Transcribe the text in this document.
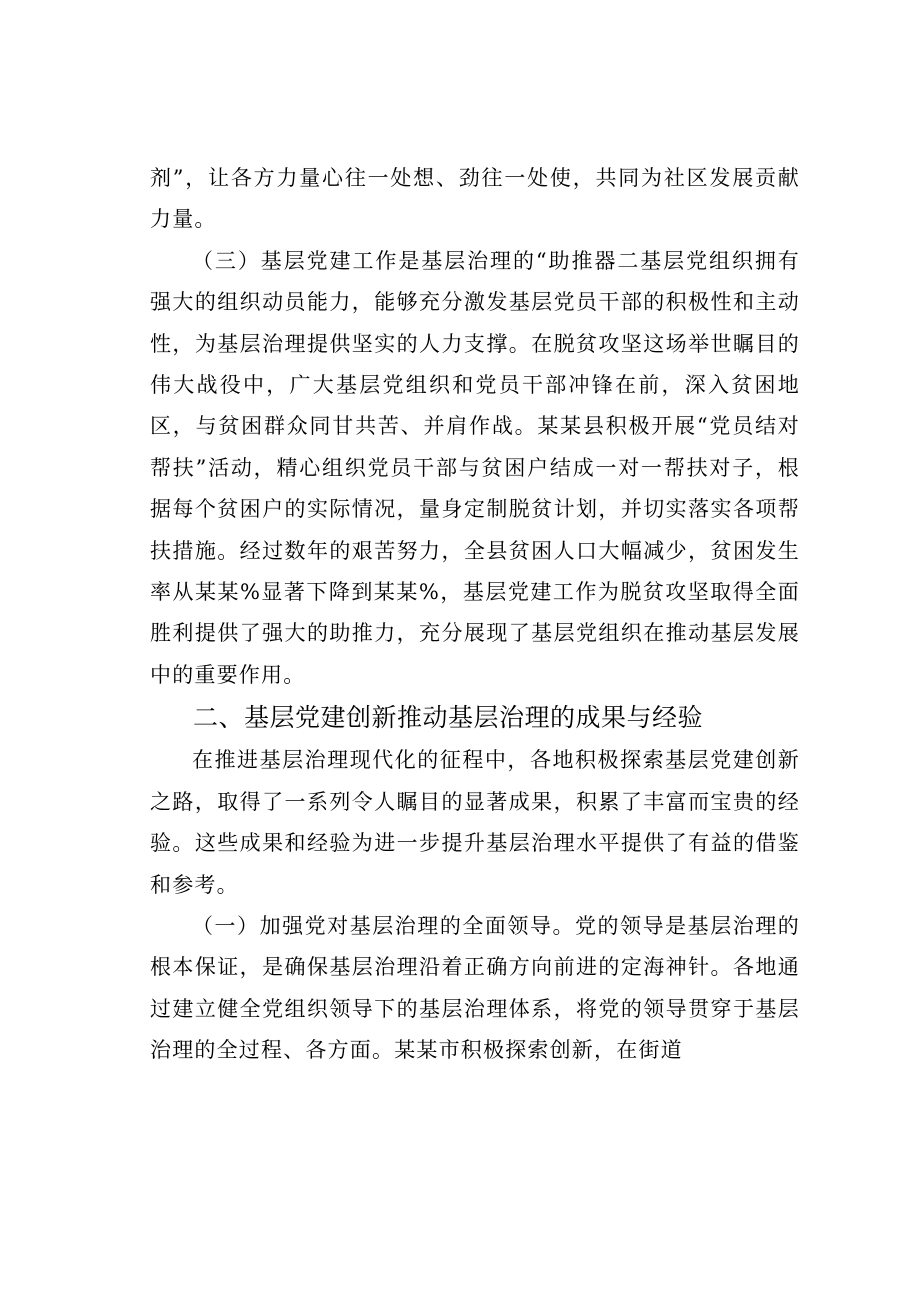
剂”，让各方力量心往一处想、劲往一处使，共同为社区发展贡献力量。

（三）基层党建工作是基层治理的“助推器二基层党组织拥有强大的组织动员能力，能够充分激发基层党员干部的积极性和主动性，为基层治理提供坚实的人力支撑。在脱贫攻坚这场举世瞩目的伟大战役中，广大基层党组织和党员干部冲锋在前，深入贫困地区，与贫困群众同甘共苦、并肩作战。某某县积极开展“党员结对帮扶”活动，精心组织党员干部与贫困户结成一对一帮扶对子，根据每个贫困户的实际情况，量身定制脱贫计划，并切实落实各项帮扶措施。经过数年的艰苦努力，全县贫困人口大幅减少，贫困发生率从某某%显著下降到某某%，基层党建工作为脱贫攻坚取得全面胜利提供了强大的助推力，充分展现了基层党组织在推动基层发展中的重要作用。

二、基层党建创新推动基层治理的成果与经验

在推进基层治理现代化的征程中，各地积极探索基层党建创新之路，取得了一系列令人瞩目的显著成果，积累了丰富而宝贵的经验。这些成果和经验为进一步提升基层治理水平提供了有益的借鉴和参考。

（一）加强党对基层治理的全面领导。党的领导是基层治理的根本保证，是确保基层治理沿着正确方向前进的定海神针。各地通过建立健全党组织领导下的基层治理体系，将党的领导贯穿于基层治理的全过程、各方面。某某市积极探索创新，在街道
